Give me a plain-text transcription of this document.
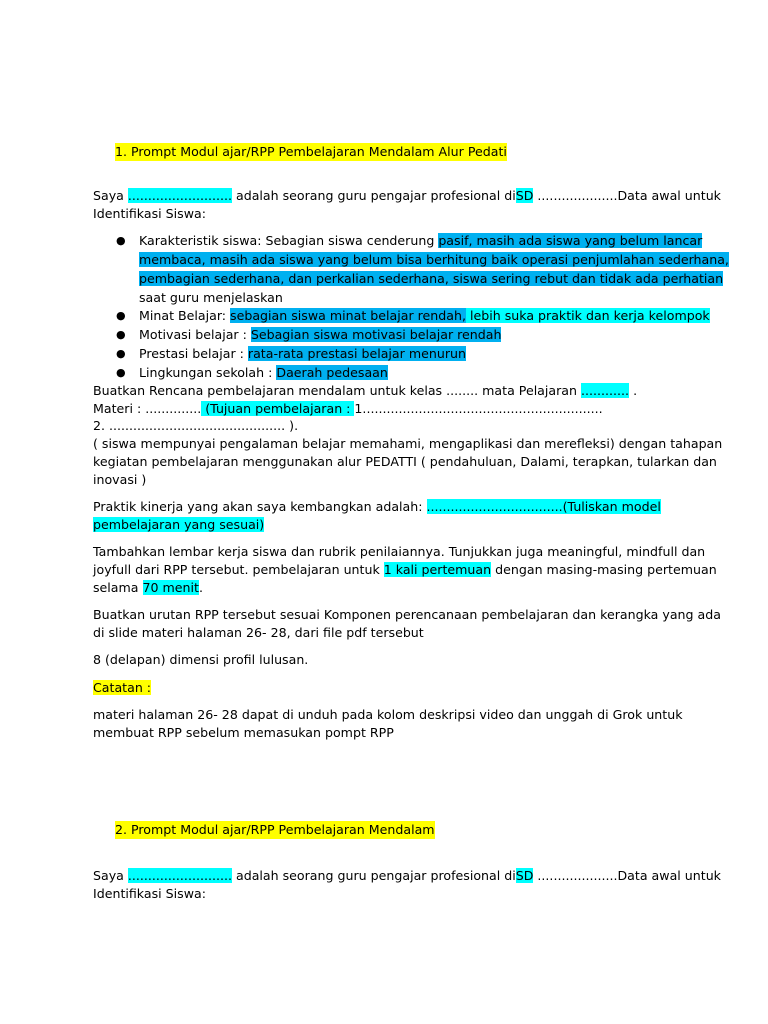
1. Prompt Modul ajar/RPP Pembelajaran Mendalam Alur Pedati
Saya .......................... adalah seorang guru pengajar profesional diSD ....................Data awal untuk
Identifikasi Siswa:
● Karakteristik siswa: Sebagian siswa cenderung pasif, masih ada siswa yang belum lancar
membaca, masih ada siswa yang belum bisa berhitung baik operasi penjumlahan sederhana,
pembagian sederhana, dan perkalian sederhana, siswa sering rebut dan tidak ada perhatian
saat guru menjelaskan
● Minat Belajar: sebagian siswa minat belajar rendah, lebih suka praktik dan kerja kelompok
● Motivasi belajar : Sebagian siswa motivasi belajar rendah
● Prestasi belajar : rata-rata prestasi belajar menurun
● Lingkungan sekolah : Daerah pedesaan
Buatkan Rencana pembelajaran mendalam untuk kelas ........ mata Pelajaran ............ .
Materi : .............. (Tujuan pembelajaran : 1............................................................
2. ............................................ ).
( siswa mempunyai pengalaman belajar memahami, mengaplikasi dan merefleksi) dengan tahapan
kegiatan pembelajaran menggunakan alur PEDATTI ( pendahuluan, Dalami, terapkan, tularkan dan
inovasi )
Praktik kinerja yang akan saya kembangkan adalah: ..................................(Tuliskan model
pembelajaran yang sesuai)
Tambahkan lembar kerja siswa dan rubrik penilaiannya. Tunjukkan juga meaningful, mindfull dan
joyfull dari RPP tersebut. pembelajaran untuk 1 kali pertemuan dengan masing-masing pertemuan
selama 70 menit.
Buatkan urutan RPP tersebut sesuai Komponen perencanaan pembelajaran dan kerangka yang ada
di slide materi halaman 26- 28, dari file pdf tersebut
8 (delapan) dimensi profil lulusan.
Catatan :
materi halaman 26- 28 dapat di unduh pada kolom deskripsi video dan unggah di Grok untuk
membuat RPP sebelum memasukan pompt RPP
2. Prompt Modul ajar/RPP Pembelajaran Mendalam
Saya .......................... adalah seorang guru pengajar profesional diSD ....................Data awal untuk
Identifikasi Siswa:
